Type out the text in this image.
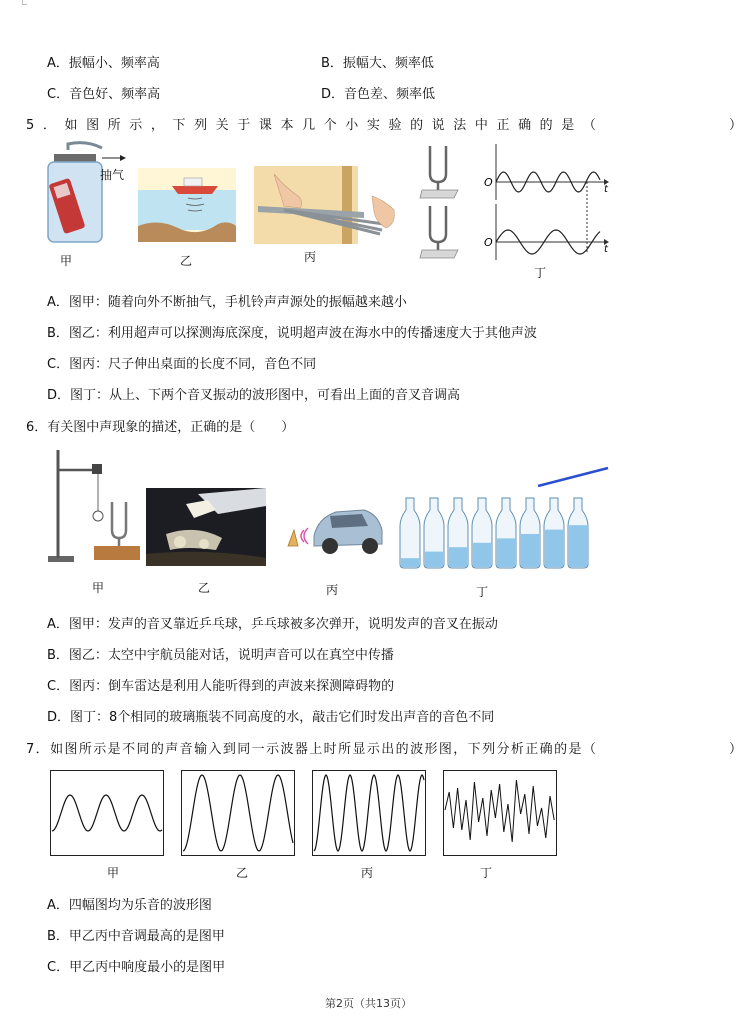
A．振幅小、频率高	B．振幅大、频率低
C．音色好、频率高	D．音色差、频率低
5．如图所示，下列关于课本几个小实验的说法中正确的是（	）
抽气
甲	乙	丙
O
O
t
t
丁
A．图甲：随着向外不断抽气，手机铃声声源处的振幅越来越小
B．图乙：利用超声可以探测海底深度，说明超声波在海水中的传播速度大于其他声波
C．图丙：尺子伸出桌面的长度不同，音色不同
D．图丁：从上、下两个音叉振动的波形图中，可看出上面的音叉音调高
6．有关图中声现象的描述，正确的是（　　）
甲	乙	丙	丁
A．图甲：发声的音叉靠近乒乓球，乒乓球被多次弹开，说明发声的音叉在振动
B．图乙：太空中宇航员能对话，说明声音可以在真空中传播
C．图丙：倒车雷达是利用人能听得到的声波来探测障碍物的
D．图丁：8个相同的玻璃瓶装不同高度的水，敲击它们时发出声音的音色不同
7．如图所示是不同的声音输入到同一示波器上时所显示出的波形图，下列分析正确的是（	）
甲	乙	丙	丁
A．四幅图均为乐音的波形图
B．甲乙丙中音调最高的是图甲
C．甲乙丙中响度最小的是图甲
第2页（共13页）
